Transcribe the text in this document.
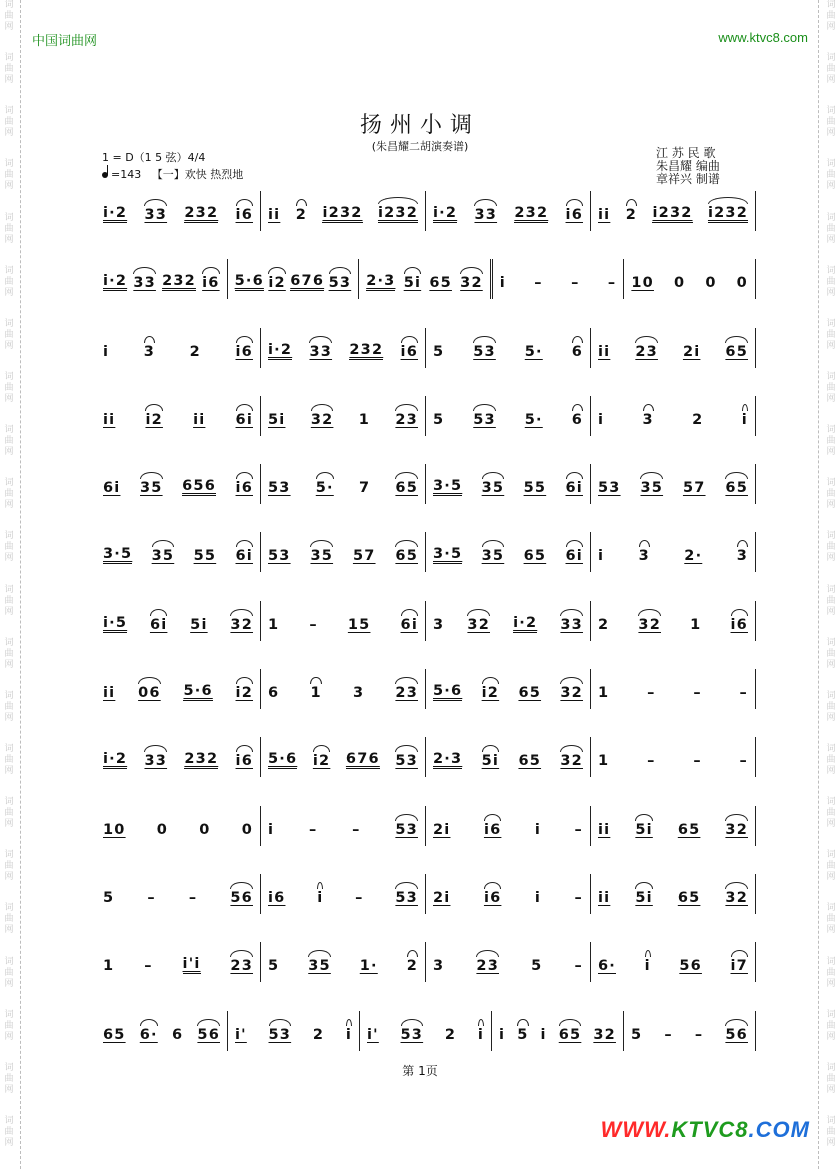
词
曲
网
词
曲
网
词
曲
网
词
曲
网
词
曲
网
词
曲
网
词
曲
网
词
曲
网
词
曲
网
词
曲
网
词
曲
网
词
曲
网
词
曲
网
词
曲
网
词
曲
网
词
曲
网
词
曲
网
词
曲
网
词
曲
网
词
曲
网
词
曲
网
词
曲
网
词
曲
网
词
曲
网
词
曲
网
词
曲
网
词
曲
网
词
曲
网
词
曲
网
词
曲
网
词
曲
网
词
曲
网
词
曲
网
词
曲
网
词
曲
网
词
曲
网
词
曲
网
词
曲
网
词
曲
网
词
曲
网
词
曲
网
词
曲
网
词
曲
网
词
曲
网
中国词曲网	www.ktvc8.com
扬州小调
(朱昌耀二胡演奏谱)
1 = D（1 5 弦）4/4
=143 【一】欢快 热烈地
江 苏 民 歌
朱昌耀 编曲
章祥兴 制谱
i·2 33 232 i6 ii 2 i232 i232 i·2 33 232 i6 ii 2 i232 i232
i·2 33 232 i6 5·6 i2 676 53 2·3 5i 65 32 i – – – 10 0 0 0
i 3 2 i6 i·2 33 232 i6 5 53 5· 6 ii 23 2i 65
ii i2 ii 6i 5i 32 1 23 5 53 5· 6 i	3	2	i
6i 35 656 i6 53 5· 7 65 3·5 35 55 6i 53 35 57 65
3·5 35 55 6i 53 35 57 65 3·5 35 65 6i i 3 2· 3
i·5 6i 5i 32 1 – 15 6i 3 32 i·2 33 2 32 1 i6
ii 06 5·6 i2 6 1 3 23 5·6 i2 65 32 1	–	–	–
i·2 33 232 i6 5·6 i2 676 53 2·3 5i 65 32 1	–	–	–
10 0 0 0 i – – 53 2i i6 i – ii 5i 65 32
5 – – 56 i6 i – 53 2i i6 i – ii 5i 65 32
1 – i'i 23 5 35 1· 2 3 23 5 – 6· i 56 i7
65 6· 6 56 i' 53 2 i i' 53 2 i i 5 i 65 32 5 – – 56
第 1页
WWW.KTVC8.COM
